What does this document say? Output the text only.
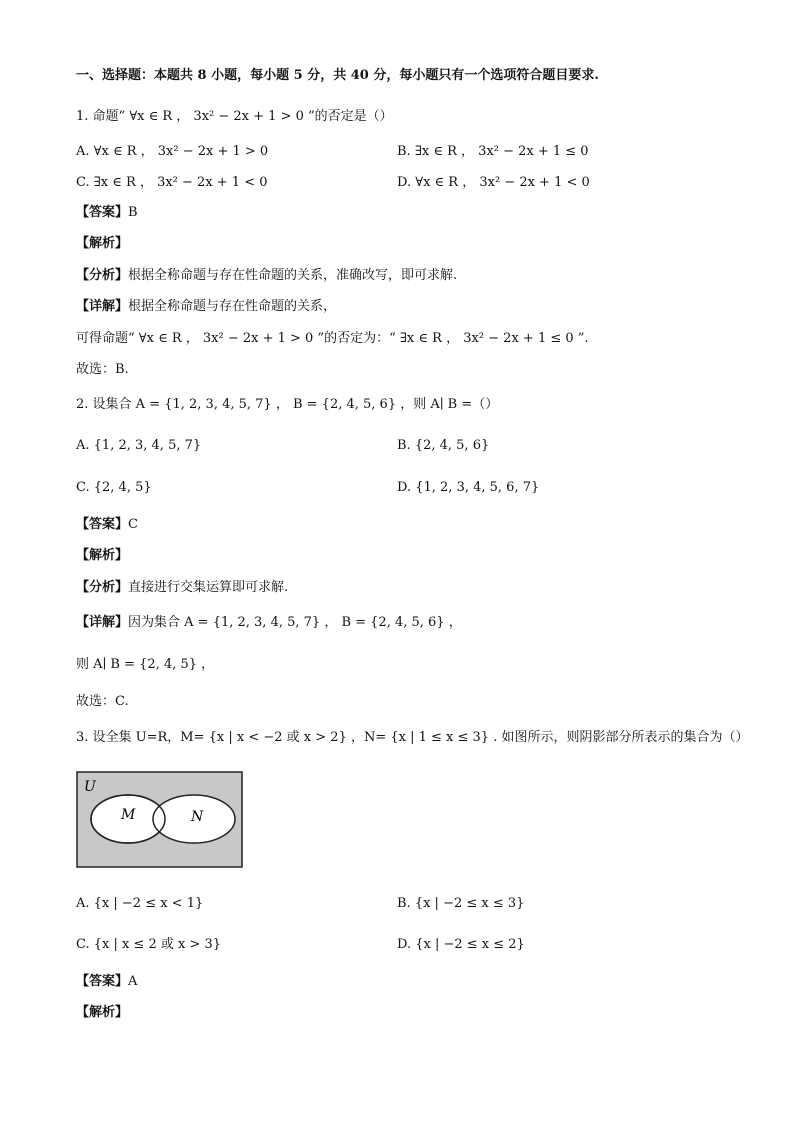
一、选择题：本题共 8 小题，每小题 5 分，共 40 分，每小题只有一个选项符合题目要求.
1. 命题“ ∀x ∈ R ， 3x² − 2x + 1 > 0 ”的否定是（）
A. ∀x ∈ R ， 3x² − 2x + 1 > 0	B. ∃x ∈ R ， 3x² − 2x + 1 ≤ 0
C. ∃x ∈ R ， 3x² − 2x + 1 < 0	D. ∀x ∈ R ， 3x² − 2x + 1 < 0
【答案】B
【解析】
【分析】根据全称命题与存在性命题的关系，准确改写，即可求解.
【详解】根据全称命题与存在性命题的关系，
可得命题“ ∀x ∈ R ， 3x² − 2x + 1 > 0 ”的否定为：“ ∃x ∈ R ， 3x² − 2x + 1 ≤ 0 ”.
故选：B.
2. 设集合 A = {1, 2, 3, 4, 5, 7} ， B = {2, 4, 5, 6} ，则 A∣ B =（）
A. {1, 2, 3, 4, 5, 7}	B. {2, 4, 5, 6}
C. {2, 4, 5}	D. {1, 2, 3, 4, 5, 6, 7}
【答案】C
【解析】
【分析】直接进行交集运算即可求解.
【详解】因为集合 A = {1, 2, 3, 4, 5, 7} ， B = {2, 4, 5, 6} ，
则 A∣ B = {2, 4, 5} ，
故选：C.
3. 设全集 U=R，M= {x | x < −2 或 x > 2} ，N= {x | 1 ≤ x ≤ 3} . 如图所示，则阴影部分所表示的集合为（）
U
M	N
A. {x | −2 ≤ x < 1}	B. {x | −2 ≤ x ≤ 3}
C. {x | x ≤ 2 或 x > 3}	D. {x | −2 ≤ x ≤ 2}
【答案】A
【解析】
